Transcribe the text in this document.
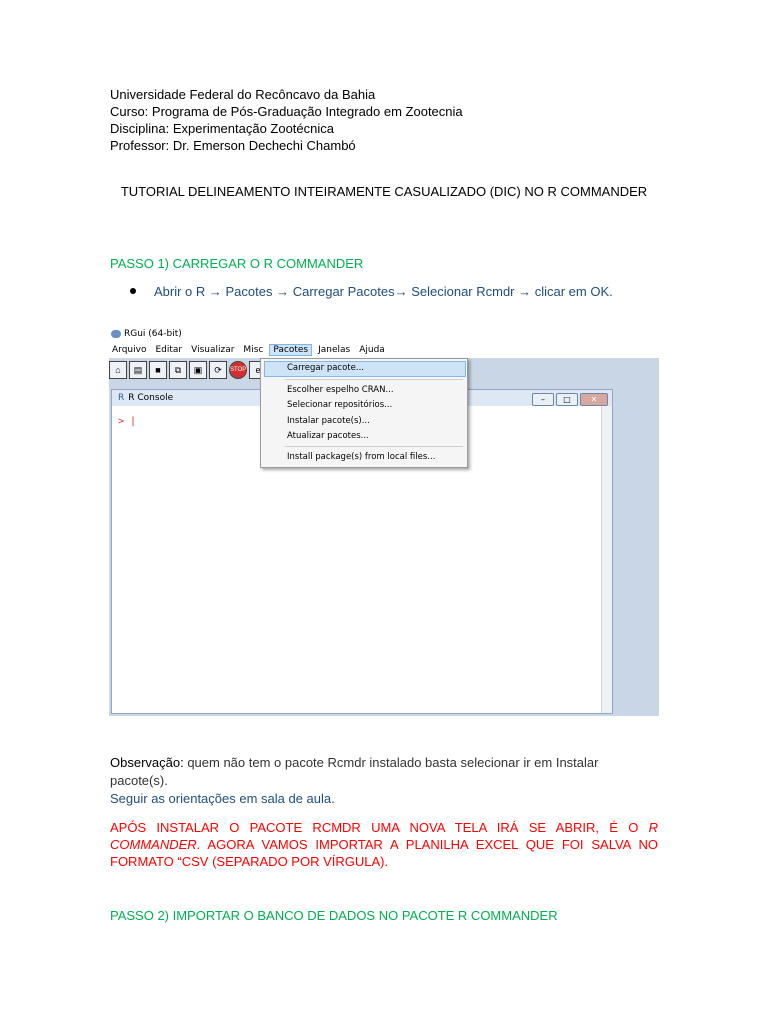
Universidade Federal do Recôncavo da Bahia
Curso: Programa de Pós-Graduação Integrado em Zootecnia
Disciplina: Experimentação Zootécnica
Professor: Dr. Emerson Dechechi Chambó
TUTORIAL DELINEAMENTO INTEIRAMENTE CASUALIZADO (DIC) NO R COMMANDER
PASSO 1) CARREGAR O R COMMANDER
Abrir o R → Pacotes → Carregar Pacotes→ Selecionar Rcmdr → clicar em OK.
RGui (64-bit)
Arquivo Editar Visualizar Misc Pacotes Janelas Ajuda
⌂ ▤ ■ ⧉ ▣ ⟳ STOP e
R R Console	– □ ✕
> |
Carregar pacote...
Escolher espelho CRAN...
Selecionar repositórios...
Instalar pacote(s)...
Atualizar pacotes...
Install package(s) from local files...
Observação: quem não tem o pacote Rcmdr instalado basta selecionar ir em Instalar pacote(s).
Seguir as orientações em sala de aula.
APÓS INSTALAR O PACOTE RCMDR UMA NOVA TELA IRÁ SE ABRIR, É O R COMMANDER. AGORA VAMOS IMPORTAR A PLANILHA EXCEL QUE FOI SALVA NO FORMATO “CSV (SEPARADO POR VÍRGULA).
PASSO 2) IMPORTAR O BANCO DE DADOS NO PACOTE R COMMANDER
